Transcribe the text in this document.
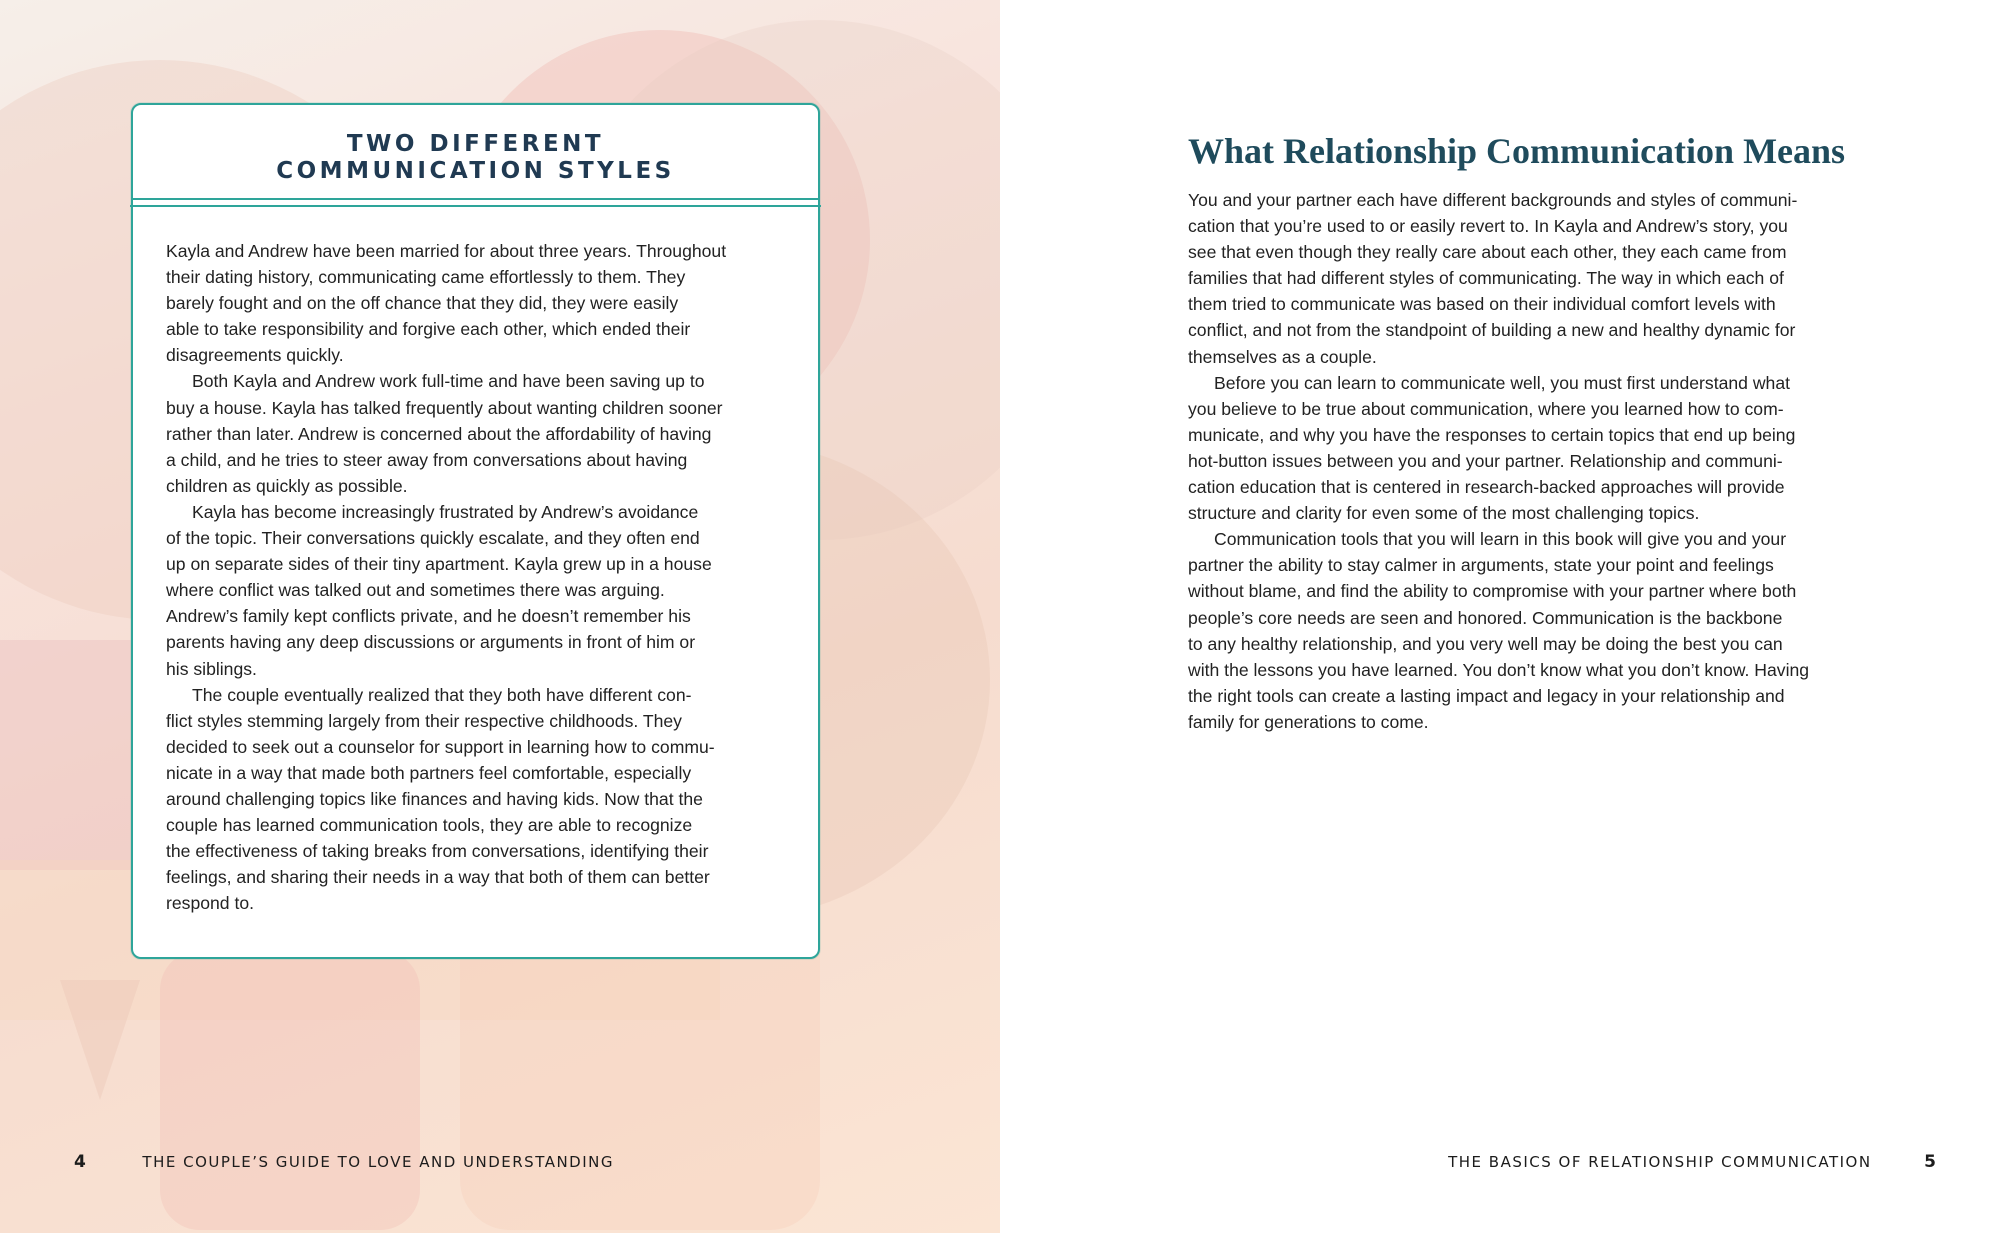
TWO DIFFERENT
COMMUNICATION STYLES

Kayla and Andrew have been married for about three years. Throughout
their dating history, communicating came effortlessly to them. They
barely fought and on the off chance that they did, they were easily
able to take responsibility and forgive each other, which ended their
disagreements quickly.

Both Kayla and Andrew work full-time and have been saving up to
buy a house. Kayla has talked frequently about wanting children sooner
rather than later. Andrew is concerned about the affordability of having
a child, and he tries to steer away from conversations about having
children as quickly as possible.

Kayla has become increasingly frustrated by Andrew’s avoidance
of the topic. Their conversations quickly escalate, and they often end
up on separate sides of their tiny apartment. Kayla grew up in a house
where conflict was talked out and sometimes there was arguing.
Andrew’s family kept conflicts private, and he doesn’t remember his
parents having any deep discussions or arguments in front of him or
his siblings.

The couple eventually realized that they both have different con-
flict styles stemming largely from their respective childhoods. They
decided to seek out a counselor for support in learning how to commu-
nicate in a way that made both partners feel comfortable, especially
around challenging topics like finances and having kids. Now that the
couple has learned communication tools, they are able to recognize
the effectiveness of taking breaks from conversations, identifying their
feelings, and sharing their needs in a way that both of them can better
respond to.

4	THE COUPLE’S GUIDE TO LOVE AND UNDERSTANDING
What Relationship Communication Means

You and your partner each have different backgrounds and styles of communi-
cation that you’re used to or easily revert to. In Kayla and Andrew’s story, you
see that even though they really care about each other, they each came from
families that had different styles of communicating. The way in which each of
them tried to communicate was based on their individual comfort levels with
conflict, and not from the standpoint of building a new and healthy dynamic for
themselves as a couple.

Before you can learn to communicate well, you must first understand what
you believe to be true about communication, where you learned how to com-
municate, and why you have the responses to certain topics that end up being
hot-button issues between you and your partner. Relationship and communi-
cation education that is centered in research-backed approaches will provide
structure and clarity for even some of the most challenging topics.

Communication tools that you will learn in this book will give you and your
partner the ability to stay calmer in arguments, state your point and feelings
without blame, and find the ability to compromise with your partner where both
people’s core needs are seen and honored. Communication is the backbone
to any healthy relationship, and you very well may be doing the best you can
with the lessons you have learned. You don’t know what you don’t know. Having
the right tools can create a lasting impact and legacy in your relationship and
family for generations to come.

THE BASICS OF RELATIONSHIP COMMUNICATION	5
